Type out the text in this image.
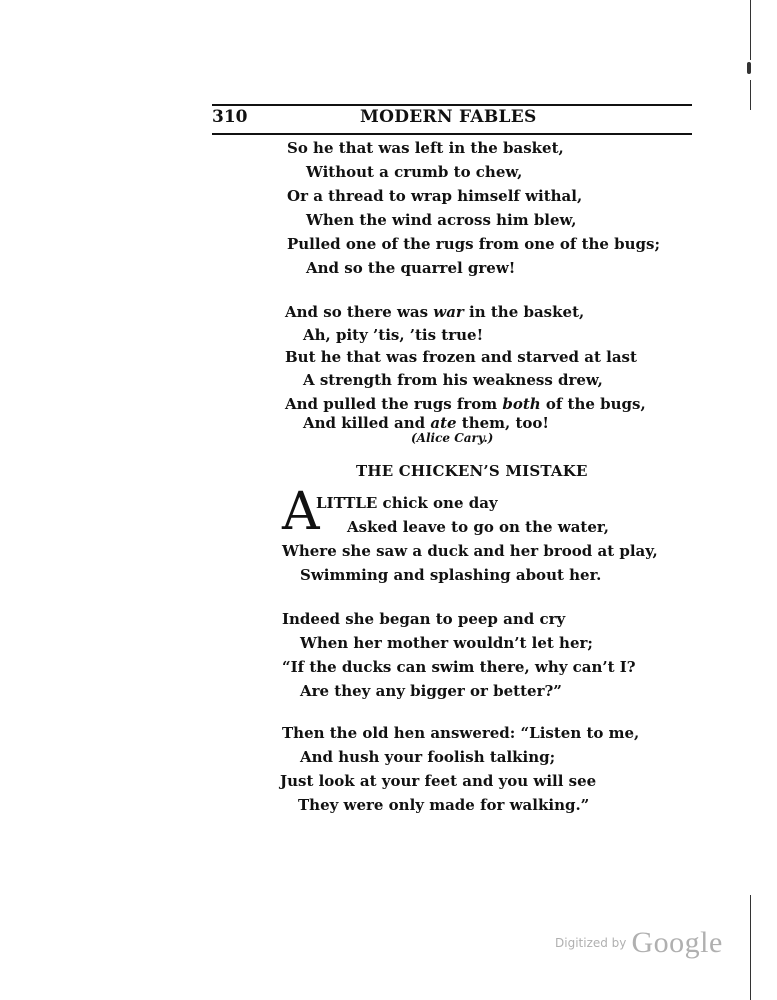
310	MODERN FABLES
So he that was left in the basket,
Without a crumb to chew,
Or a thread to wrap himself withal,
When the wind across him blew,
Pulled one of the rugs from one of the bugs;
And so the quarrel grew!
And so there was war in the basket,
Ah, pity ’tis, ’tis true!
But he that was frozen and starved at last
A strength from his weakness drew,
And pulled the rugs from both of the bugs,
And killed and ate them, too!
(Alice Cary.)
THE CHICKEN’S MISTAKE
A
LITTLE chick one day
Asked leave to go on the water,
Where she saw a duck and her brood at play,
Swimming and splashing about her.
Indeed she began to peep and cry
When her mother wouldn’t let her;
“If the ducks can swim there, why can’t I?
Are they any bigger or better?”
Then the old hen answered: “Listen to me,
And hush your foolish talking;
Just look at your feet and you will see
They were only made for walking.”
Digitized by Google
